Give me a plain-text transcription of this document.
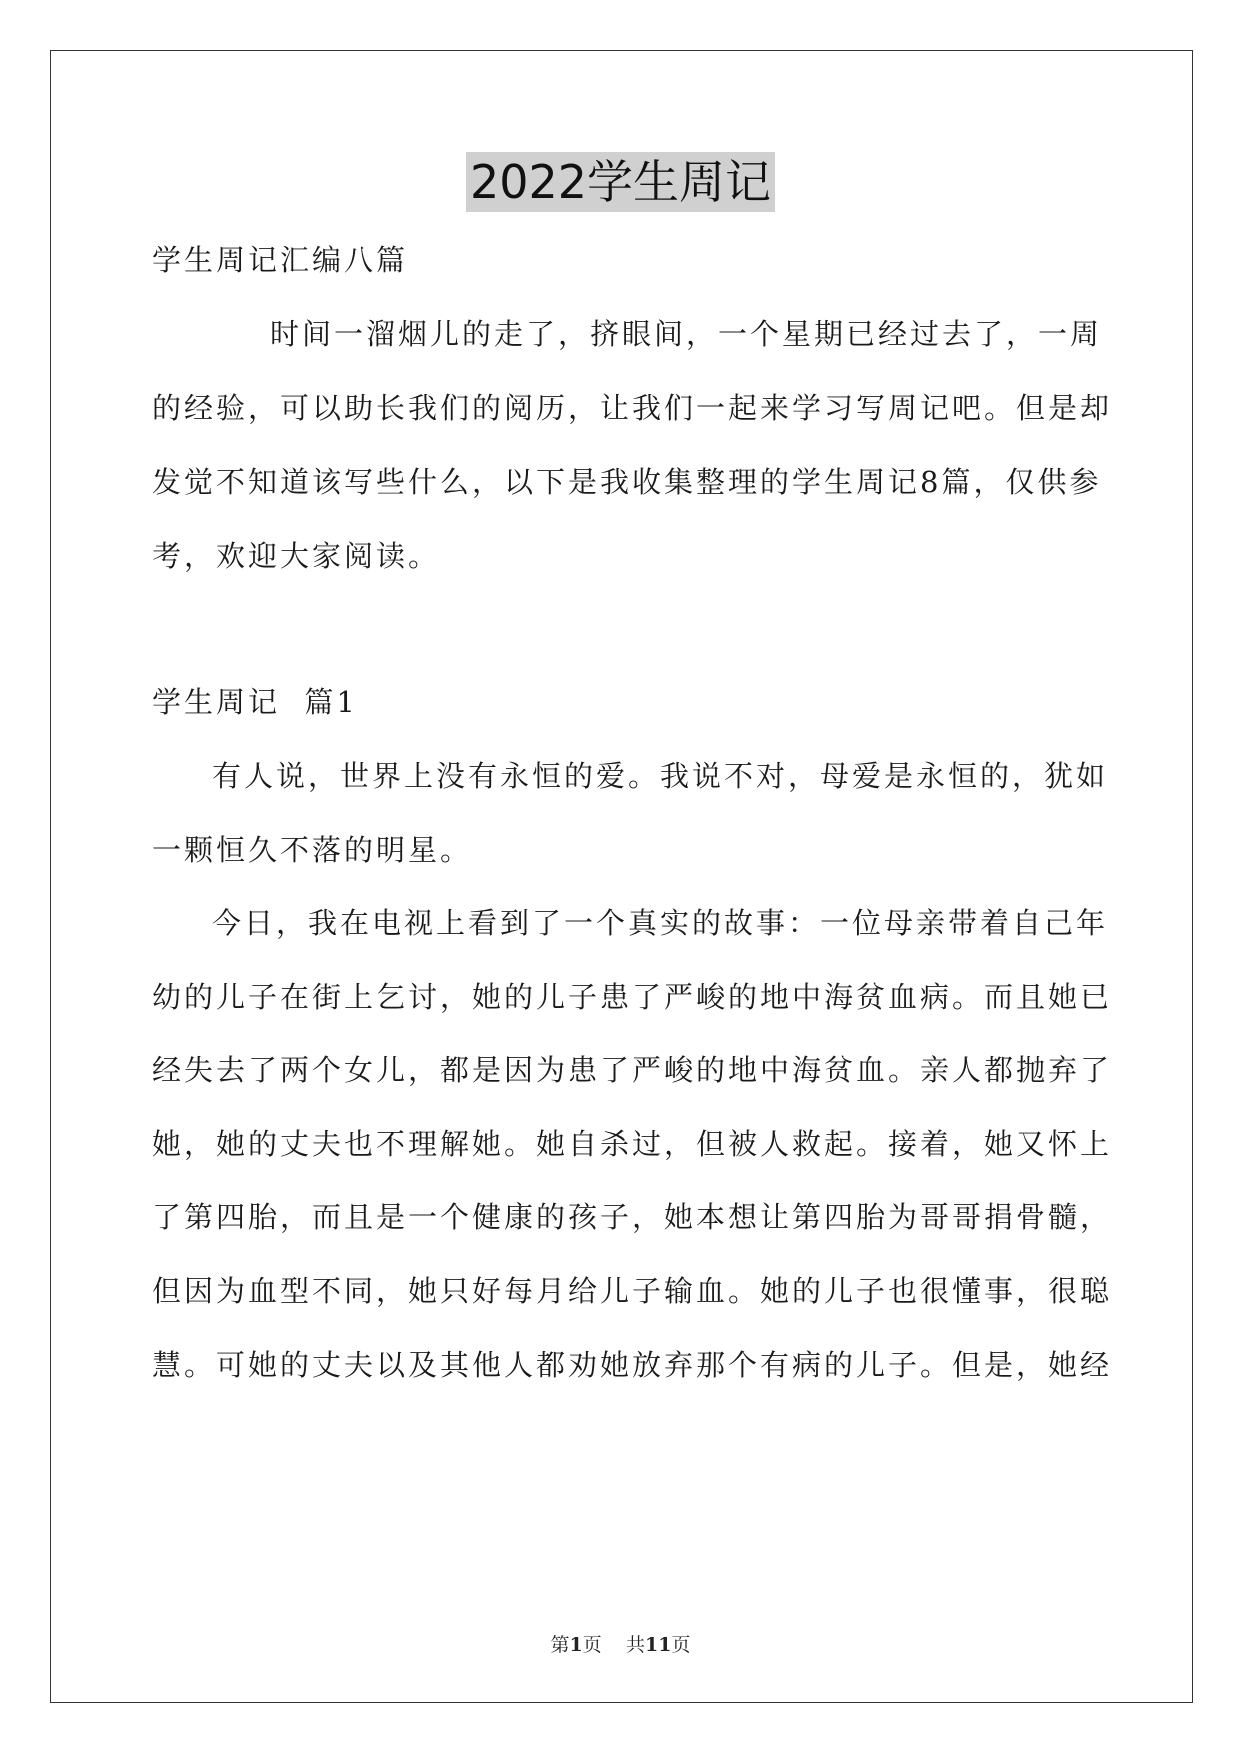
2022学生周记
学生周记汇编八篇
时间一溜烟儿的走了，挤眼间，一个星期已经过去了，一周
的经验，可以助长我们的阅历，让我们一起来学习写周记吧。但是却
发觉不知道该写些什么，以下是我收集整理的学生周记8篇，仅供参
考，欢迎大家阅读。
学生周记  篇1
有人说，世界上没有永恒的爱。我说不对，母爱是永恒的，犹如
一颗恒久不落的明星。
今日，我在电视上看到了一个真实的故事：一位母亲带着自己年
幼的儿子在街上乞讨，她的儿子患了严峻的地中海贫血病。而且她已
经失去了两个女儿，都是因为患了严峻的地中海贫血。亲人都抛弃了
她，她的丈夫也不理解她。她自杀过，但被人救起。接着，她又怀上
了第四胎，而且是一个健康的孩子，她本想让第四胎为哥哥捐骨髓，
但因为血型不同，她只好每月给儿子输血。她的儿子也很懂事，很聪
慧。可她的丈夫以及其他人都劝她放弃那个有病的儿子。但是，她经
第1页 共11页
